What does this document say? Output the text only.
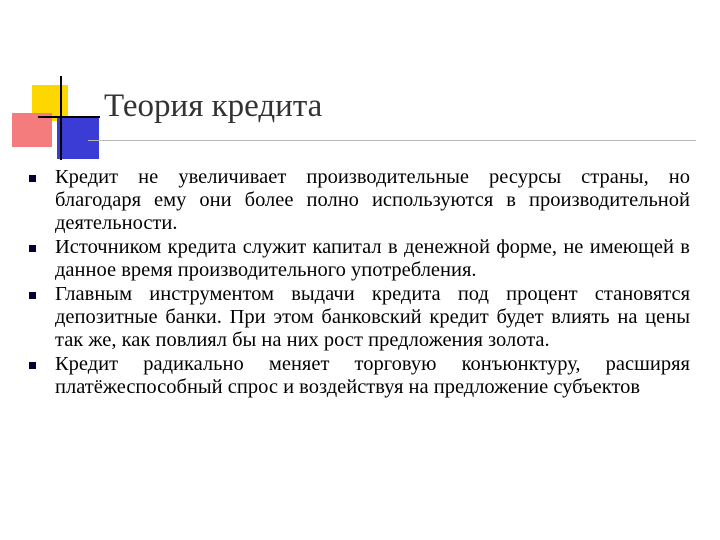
Теория кредита
Кредит не увеличивает производительные ресурсы страны, но благодаря ему они более полно используются в производительной деятельности.
Источником кредита служит капитал в денежной форме, не имеющей в данное время производительного употребления.
Главным инструментом выдачи кредита под процент становятся депозитные банки. При этом банковский кредит будет влиять на цены так же, как повлиял бы на них рост предложения золота.
Кредит радикально меняет торговую конъюнктуру, расширяя платёжеспособный спрос и воздействуя на предложение субъектов
